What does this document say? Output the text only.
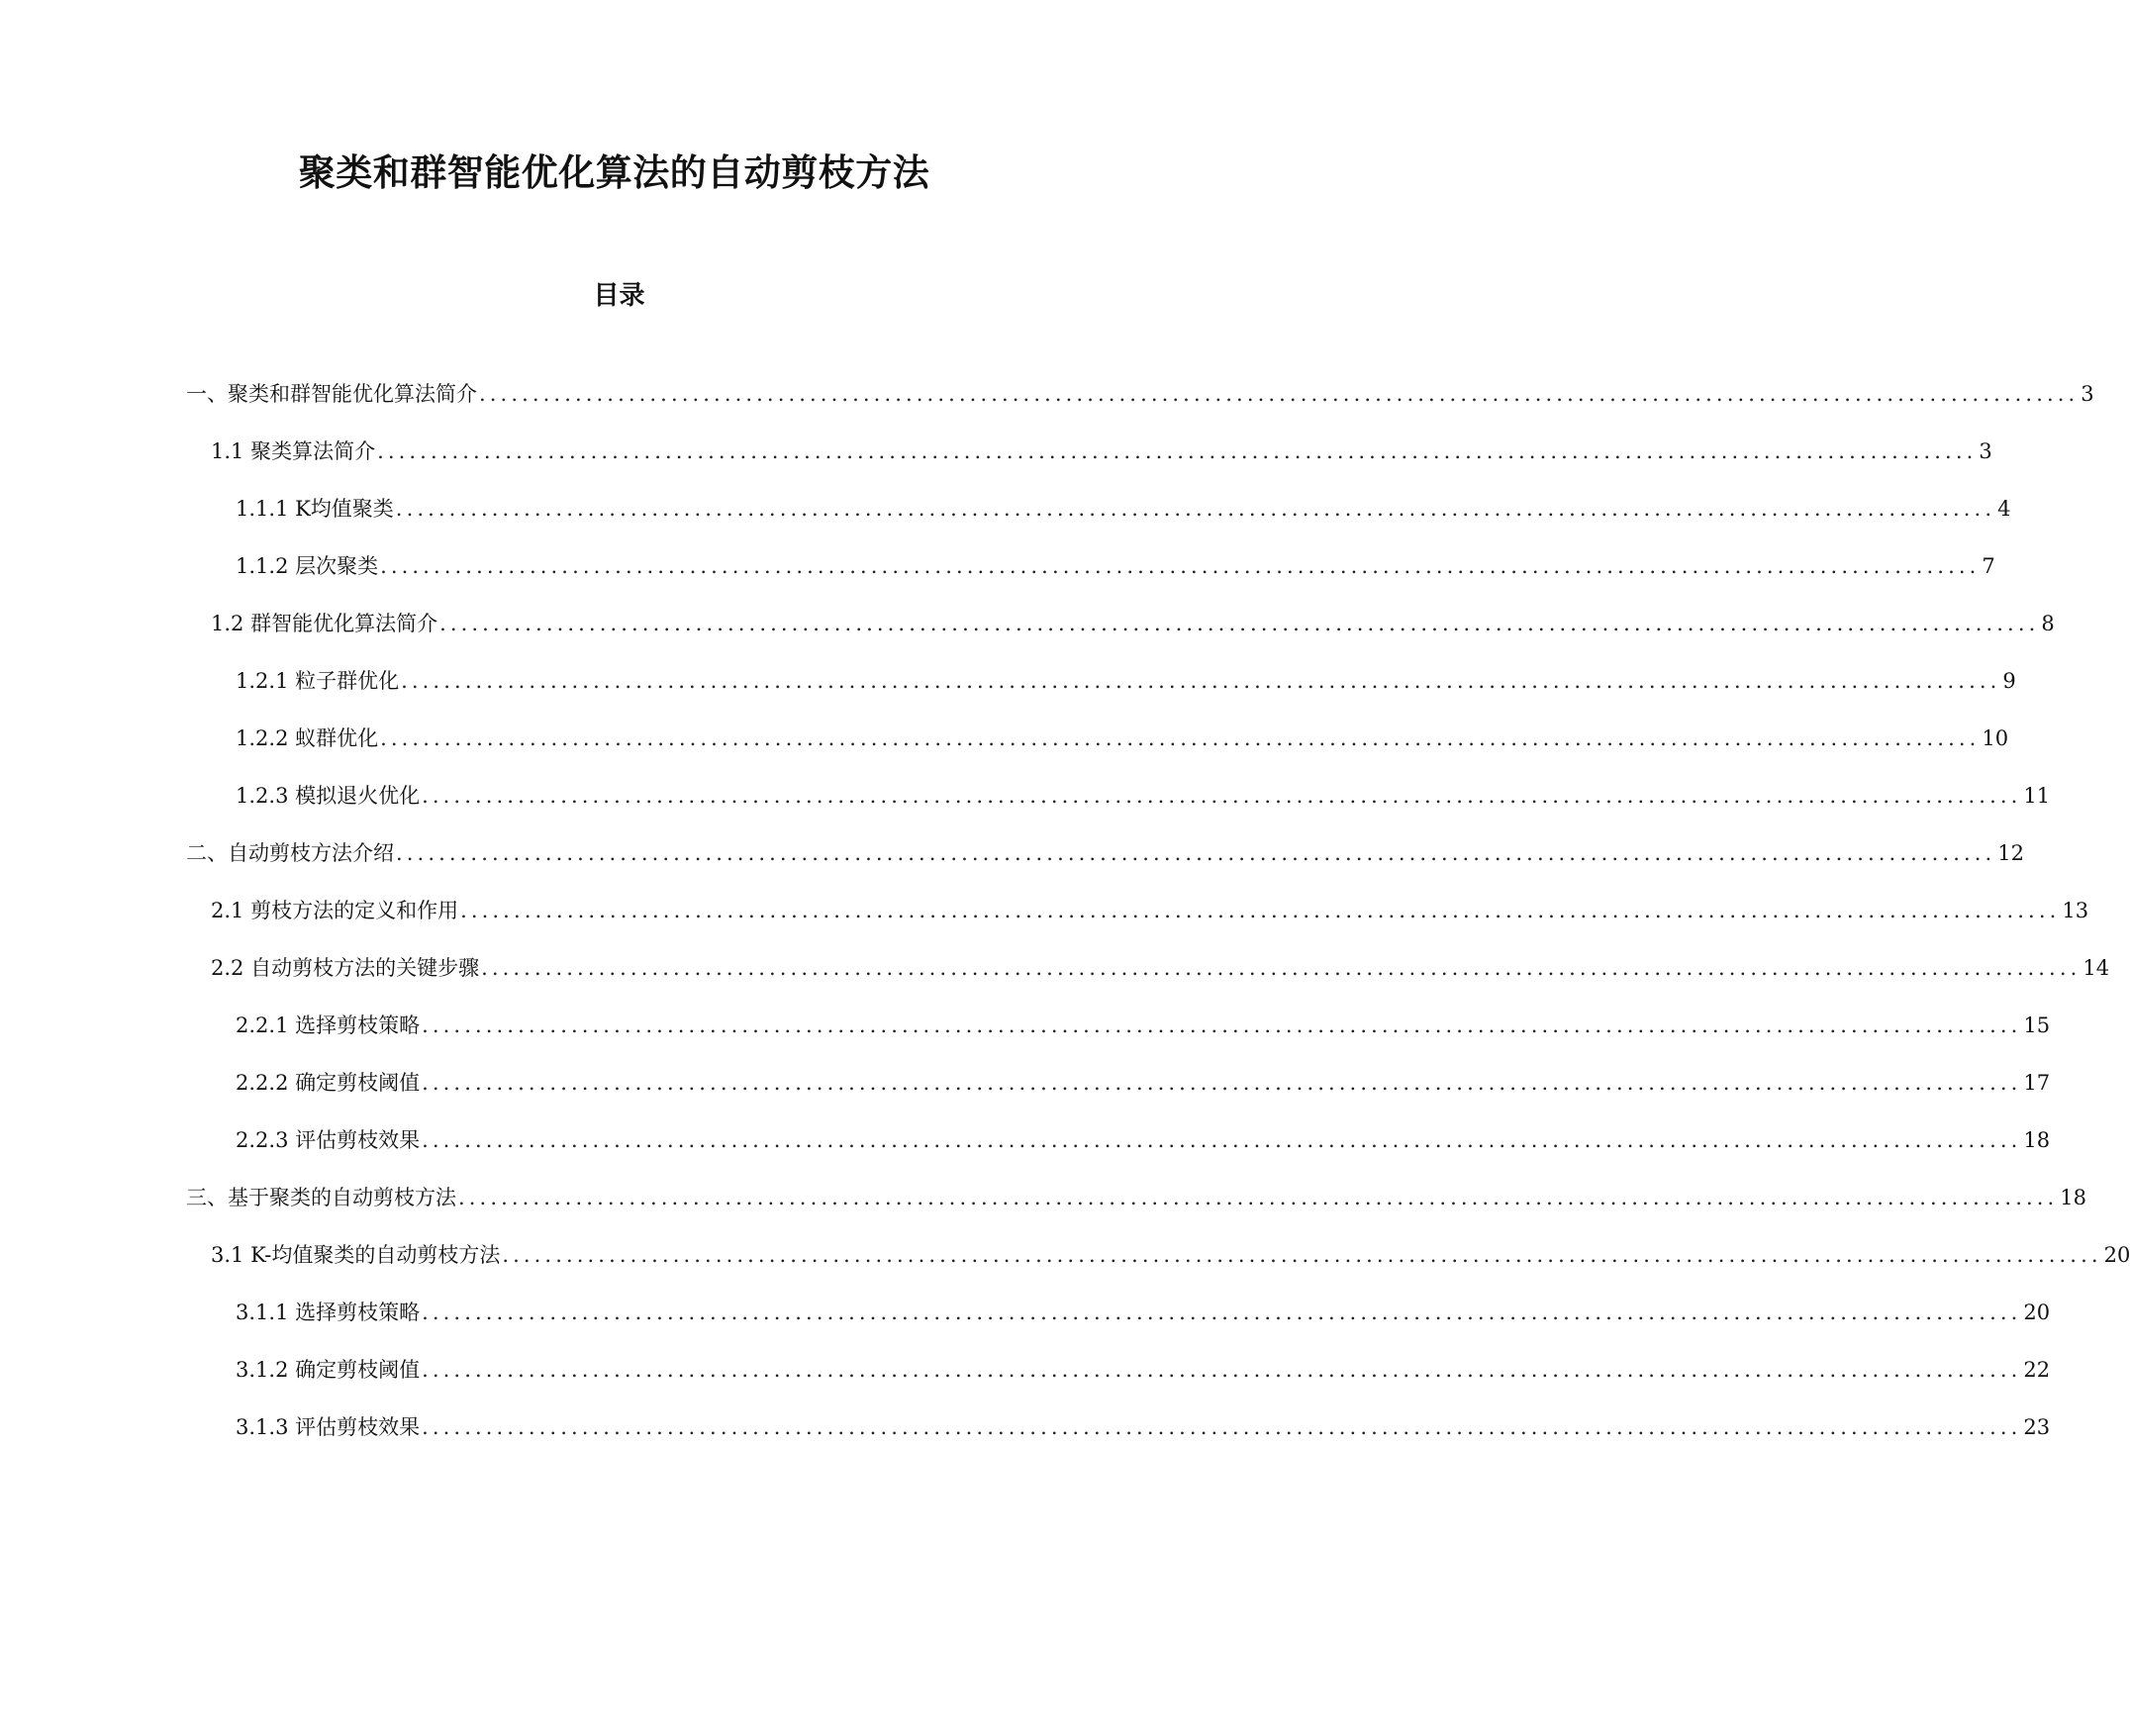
聚类和群智能优化算法的自动剪枝方法
目录
一、聚类和群智能优化算法简介 ...................................................................................................................................................... 3
1.1 聚类算法简介 ...................................................................................................................................................... 3
1.1.1 K均值聚类 ...................................................................................................................................................... 4
1.1.2 层次聚类 ...................................................................................................................................................... 7
1.2 群智能优化算法简介 ...................................................................................................................................................... 8
1.2.1 粒子群优化 ...................................................................................................................................................... 9
1.2.2 蚁群优化 ...................................................................................................................................................... 10
1.2.3 模拟退火优化 ...................................................................................................................................................... 11
二、自动剪枝方法介绍 ...................................................................................................................................................... 12
2.1 剪枝方法的定义和作用 ...................................................................................................................................................... 13
2.2 自动剪枝方法的关键步骤 ...................................................................................................................................................... 14
2.2.1 选择剪枝策略 ...................................................................................................................................................... 15
2.2.2 确定剪枝阈值 ...................................................................................................................................................... 17
2.2.3 评估剪枝效果 ...................................................................................................................................................... 18
三、基于聚类的自动剪枝方法 ...................................................................................................................................................... 18
3.1 K-均值聚类的自动剪枝方法 ...................................................................................................................................................... 20
3.1.1 选择剪枝策略 ...................................................................................................................................................... 20
3.1.2 确定剪枝阈值 ...................................................................................................................................................... 22
3.1.3 评估剪枝效果 ...................................................................................................................................................... 23
